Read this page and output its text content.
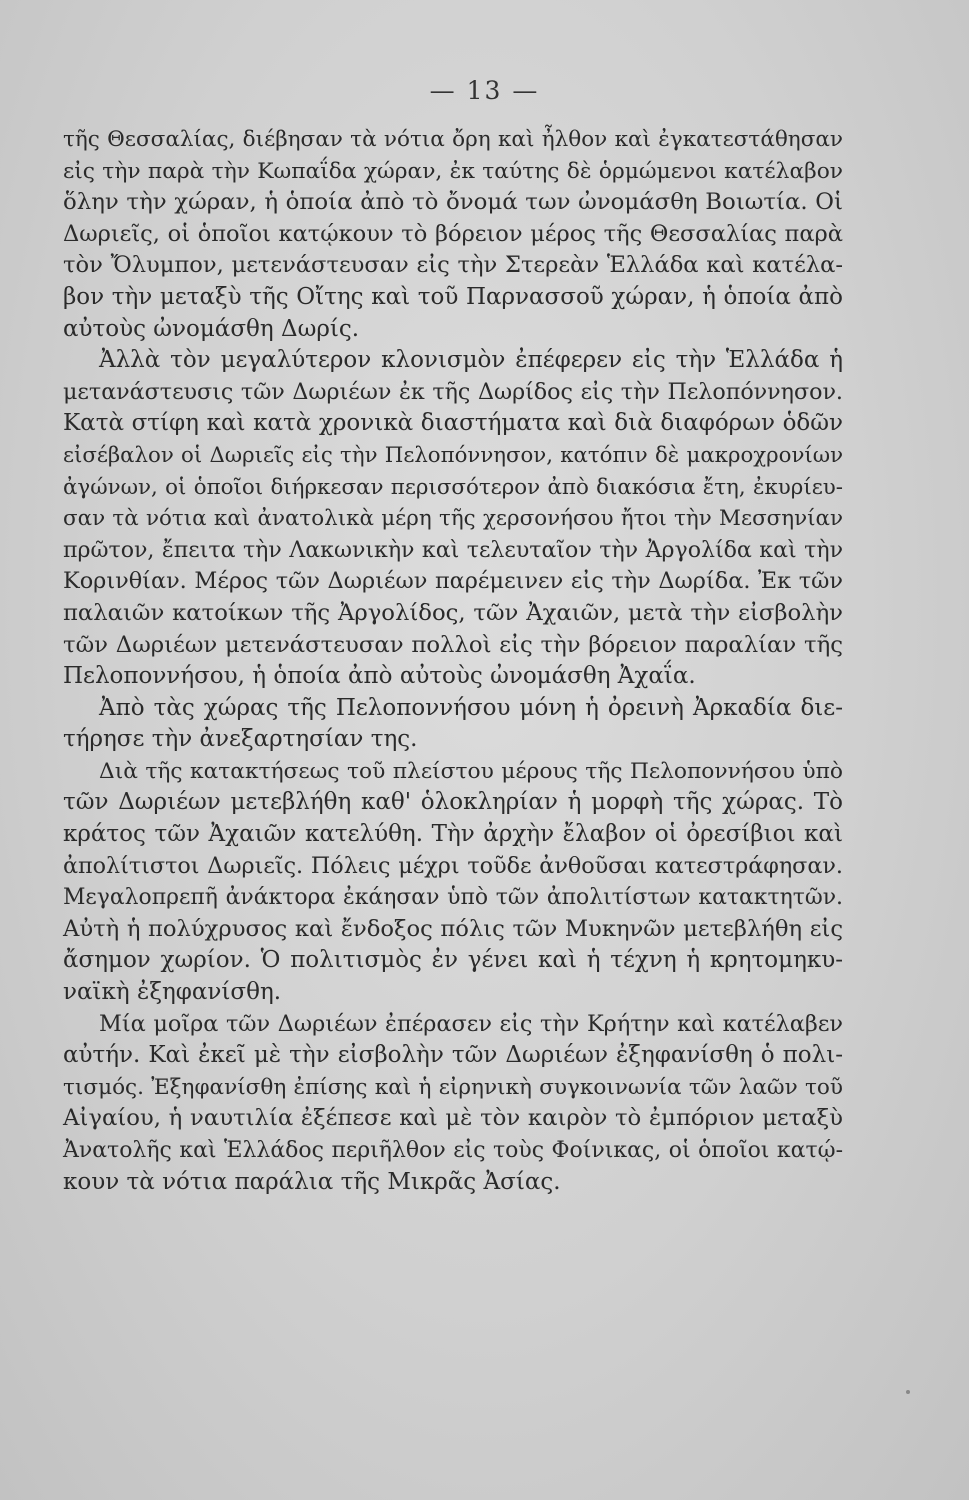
— 13 —
τῆς Θεσσαλίας, διέβησαν τὰ νότια ὄρη καὶ ἦλθον καὶ ἐγκατεστάθησαν
εἰς τὴν παρὰ τὴν Κωπαΐδα χώραν, ἐκ ταύτης δὲ ὁρμώμενοι κατέλαβον
ὅλην τὴν χώραν, ἡ ὁποία ἀπὸ τὸ ὄνομά των ὠνομάσθη Βοιωτία. Οἱ
Δωριεῖς, οἱ ὁποῖοι κατῴκουν τὸ βόρειον μέρος τῆς Θεσσαλίας παρὰ
τὸν Ὄλυμπον, μετενάστευσαν εἰς τὴν Στερεὰν Ἑλλάδα καὶ κατέλα-
βον τὴν μεταξὺ τῆς Οἴτης καὶ τοῦ Παρνασσοῦ χώραν, ἡ ὁποία ἀπὸ
αὐτοὺς ὠνομάσθη Δωρίς.
Ἀλλὰ τὸν μεγαλύτερον κλονισμὸν ἐπέφερεν εἰς τὴν Ἑλλάδα ἡ
μετανάστευσις τῶν Δωριέων ἐκ τῆς Δωρίδος εἰς τὴν Πελοπόννησον.
Κατὰ στίφη καὶ κατὰ χρονικὰ διαστήματα καὶ διὰ διαφόρων ὁδῶν
εἰσέβαλον οἱ Δωριεῖς εἰς τὴν Πελοπόννησον, κατόπιν δὲ μακροχρονίων
ἀγώνων, οἱ ὁποῖοι διήρκεσαν περισσότερον ἀπὸ διακόσια ἔτη, ἐκυρίευ-
σαν τὰ νότια καὶ ἀνατολικὰ μέρη τῆς χερσονήσου ἤτοι τὴν Μεσσηνίαν
πρῶτον, ἔπειτα τὴν Λακωνικὴν καὶ τελευταῖον τὴν Ἀργολίδα καὶ τὴν
Κορινθίαν. Μέρος τῶν Δωριέων παρέμεινεν εἰς τὴν Δωρίδα. Ἐκ τῶν
παλαιῶν κατοίκων τῆς Ἀργολίδος, τῶν Ἀχαιῶν, μετὰ τὴν εἰσβολὴν
τῶν Δωριέων μετενάστευσαν πολλοὶ εἰς τὴν βόρειον παραλίαν τῆς
Πελοποννήσου, ἡ ὁποία ἀπὸ αὐτοὺς ὠνομάσθη Ἀχαΐα.
Ἀπὸ τὰς χώρας τῆς Πελοποννήσου μόνη ἡ ὀρεινὴ Ἀρκαδία διε-
τήρησε τὴν ἀνεξαρτησίαν της.
Διὰ τῆς κατακτήσεως τοῦ πλείστου μέρους τῆς Πελοποννήσου ὑπὸ
τῶν Δωριέων μετεβλήθη καθ' ὁλοκληρίαν ἡ μορφὴ τῆς χώρας. Τὸ
κράτος τῶν Ἀχαιῶν κατελύθη. Τὴν ἀρχὴν ἔλαβον οἱ ὀρεσίβιοι καὶ
ἀπολίτιστοι Δωριεῖς. Πόλεις μέχρι τοῦδε ἀνθοῦσαι κατεστράφησαν.
Μεγαλοπρεπῆ ἀνάκτορα ἐκάησαν ὑπὸ τῶν ἀπολιτίστων κατακτητῶν.
Αὐτὴ ἡ πολύχρυσος καὶ ἔνδοξος πόλις τῶν Μυκηνῶν μετεβλήθη εἰς
ἄσημον χωρίον. Ὁ πολιτισμὸς ἐν γένει καὶ ἡ τέχνη ἡ κρητομηκυ-
ναϊκὴ ἐξηφανίσθη.
Μία μοῖρα τῶν Δωριέων ἐπέρασεν εἰς τὴν Κρήτην καὶ κατέλαβεν
αὐτήν. Καὶ ἐκεῖ μὲ τὴν εἰσβολὴν τῶν Δωριέων ἐξηφανίσθη ὁ πολι-
τισμός. Ἐξηφανίσθη ἐπίσης καὶ ἡ εἰρηνικὴ συγκοινωνία τῶν λαῶν τοῦ
Αἰγαίου, ἡ ναυτιλία ἐξέπεσε καὶ μὲ τὸν καιρὸν τὸ ἐμπόριον μεταξὺ
Ἀνατολῆς καὶ Ἑλλάδος περιῆλθον εἰς τοὺς Φοίνικας, οἱ ὁποῖοι κατῴ-
κουν τὰ νότια παράλια τῆς Μικρᾶς Ἀσίας.
